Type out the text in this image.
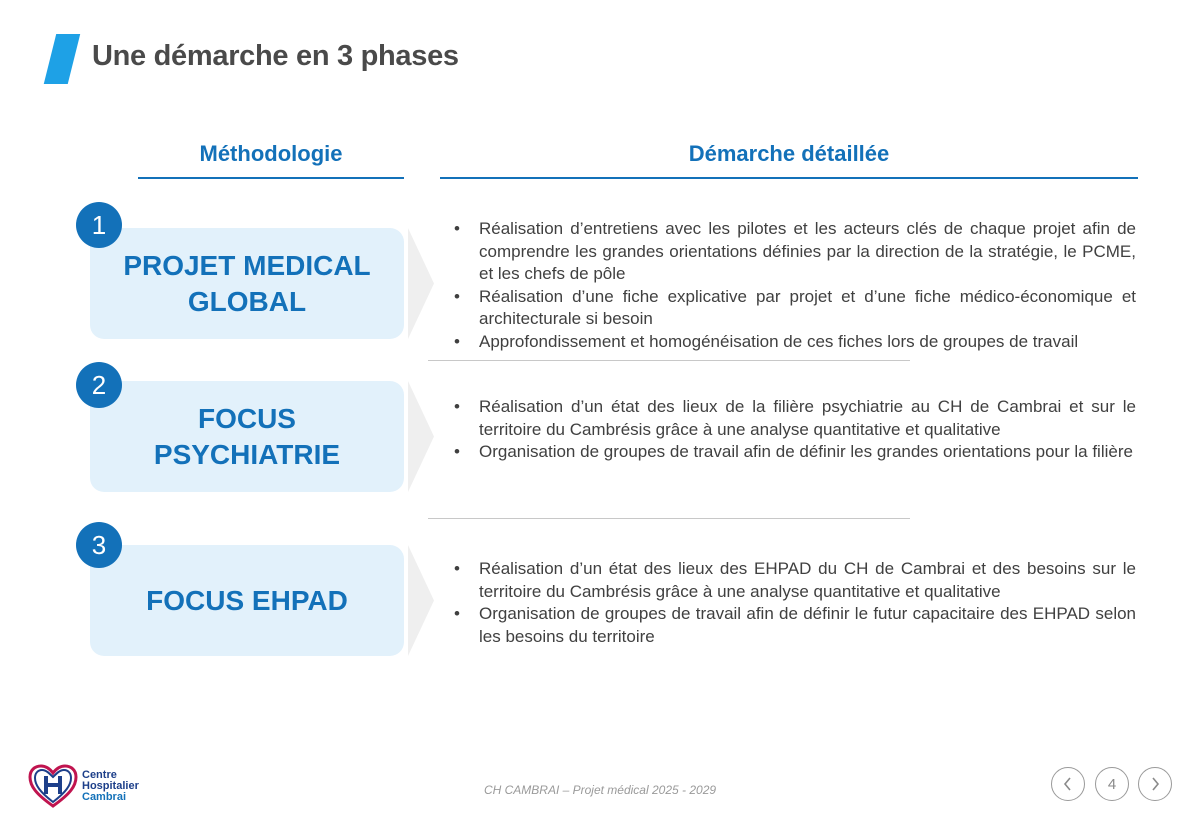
Une démarche en 3 phases
Méthodologie	Démarche détaillée
PROJET MEDICAL
GLOBAL
1	• Réalisation d’entretiens avec les pilotes et les acteurs clés de chaque projet afin de comprendre les grandes orientations définies par la direction de la stratégie, le PCME, et les chefs de pôle
• Réalisation d’une fiche explicative par projet et d’une fiche médico-économique et architecturale si besoin
• Approfondissement et homogénéisation de ces fiches lors de groupes de travail
FOCUS
PSYCHIATRIE
2
• Réalisation d’un état des lieux de la filière psychiatrie au CH de Cambrai et sur le territoire du Cambrésis grâce à une analyse quantitative et qualitative
• Organisation de groupes de travail afin de définir les grandes orientations pour la filière
FOCUS EHPAD
3
• Réalisation d’un état des lieux des EHPAD du CH de Cambrai et des besoins sur le territoire du Cambrésis grâce à une analyse quantitative et qualitative
• Organisation de groupes de travail afin de définir le futur capacitaire des EHPAD selon les besoins du territoire
Centre
Hospitalier
Cambrai	CH CAMBRAI – Projet médical 2025 - 2029	4
